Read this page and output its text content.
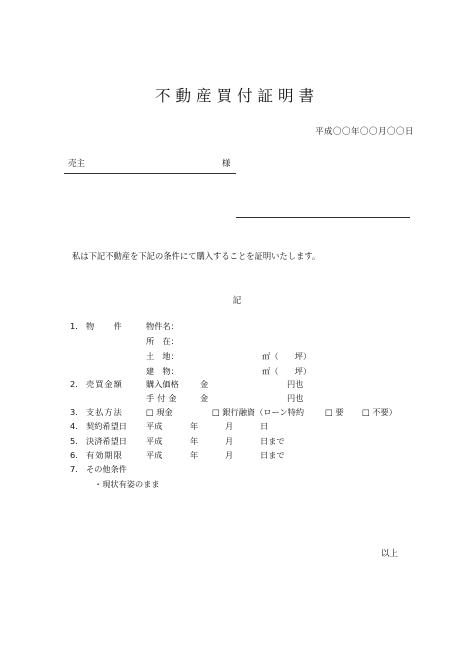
不動産買付証明書
平成〇〇年〇〇月〇〇日
売主	様
私は下記不動産を下記の条件にて購入することを証明いたします。
記
1. 物　　件	物件名：
所　在：
土　地：	㎡（　　坪）
建　物：	㎡（　　坪）
2. 売買金額	購入価格	金	円也
手付金 金	円也
3. 支払方法	□ 現金	□ 銀行融資（ローン特約	□ 要 □ 不要）
4. 契約希望日 平成	年	月	日
5. 決済希望日 平成	年	月	日まで
6. 有効期限	平成	年	月	日まで
7. その他条件
・現状有姿のまま
以上
